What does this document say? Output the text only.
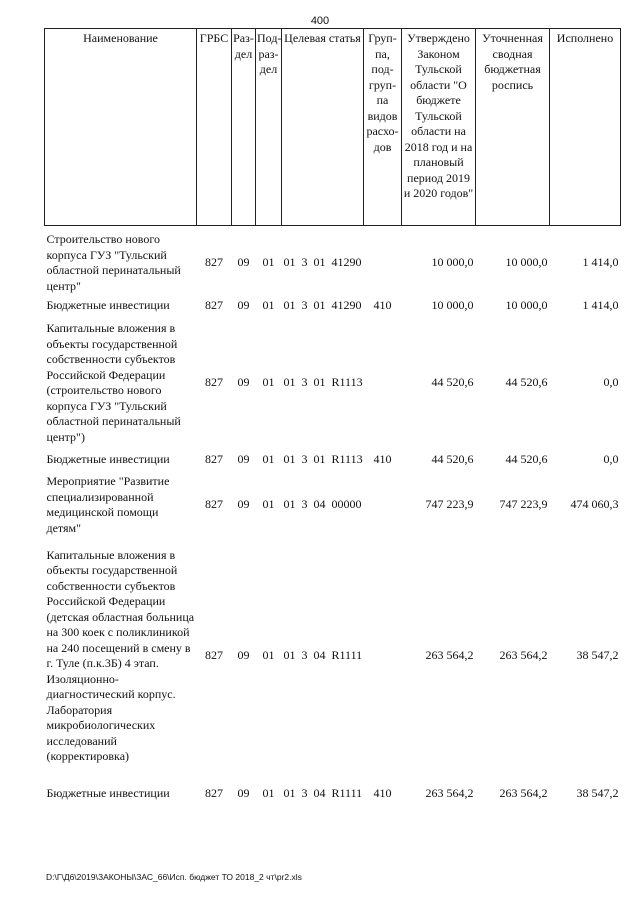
400
Наименование	ГРБС	Раз-дел	Под-раз-дел	Целевая статья	Груп-па, под-груп-па видов расхо-дов	Утверждено Законом Тульской области "О бюджете Тульской области на 2018 год и на плановый период 2019 и 2020 годов"	Уточненная сводная бюджетная роспись	Исполнено

Строительство нового корпуса ГУЗ "Тульский областной перинатальный центр"	827	09	01	01  3  01  41290		10 000,0	10 000,0	1 414,0
Бюджетные инвестиции	827	09	01	01  3  01  41290	410	10 000,0	10 000,0	1 414,0
Капитальные вложения в объекты государственной собственности субъектов Российской Федерации (строительство нового корпуса ГУЗ "Тульский областной перинатальный центр")	827	09	01	01  3  01  R1113		44 520,6	44 520,6	0,0
Бюджетные инвестиции	827	09	01	01  3  01  R1113	410	44 520,6	44 520,6	0,0
Мероприятие "Развитие специализированной медицинской помощи детям"	827	09	01	01  3  04  00000		747 223,9	747 223,9	474 060,3
Капитальные вложения в объекты государственной собственности субъектов Российской Федерации (детская областная больница на 300 коек с поликлиникой на 240 посещений в смену в г. Туле (п.к.3Б) 4 этап. Изоляционно-диагностический корпус. Лаборатория микробиологических исследований (корректировка)	827	09	01	01  3  04  R1111		263 564,2	263 564,2	38 547,2
Бюджетные инвестиции	827	09	01	01  3  04  R1111	410	263 564,2	263 564,2	38 547,2
D:\Г\Д6\2019\ЗАКОНЫ\ЗАС_66\Исп. бюджет ТО 2018_2 чт\pr2.xls
